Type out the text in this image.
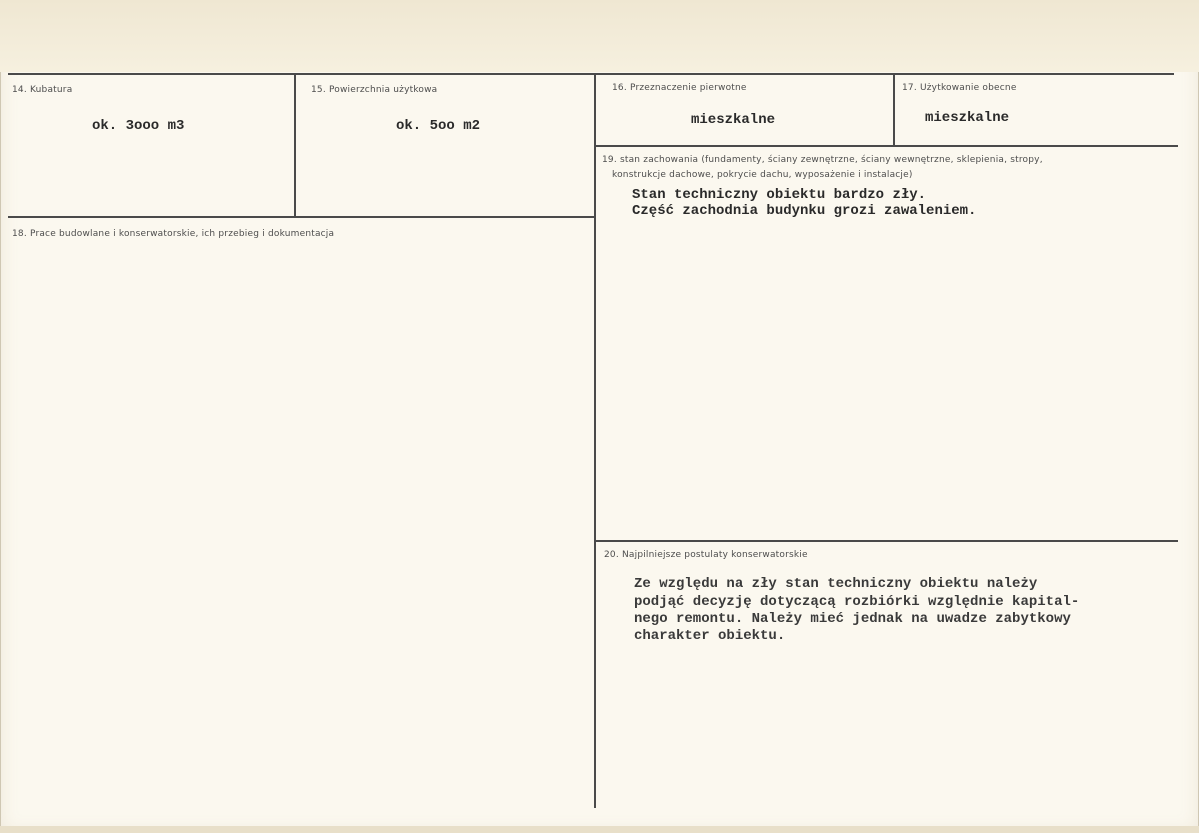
14. Kubatura
ok. 3ooo m3
15. Powierzchnia użytkowa
ok. 5oo m2
16. Przeznaczenie pierwotne
mieszkalne
17. Użytkowanie obecne
mieszkalne
18. Prace budowlane i konserwatorskie, ich przebieg i dokumentacja
19. stan zachowania (fundamenty, ściany zewnętrzne, ściany wewnętrzne, sklepienia, stropy,
konstrukcje dachowe, pokrycie dachu, wyposażenie i instalacje)
Stan techniczny obiektu bardzo zły.
Część zachodnia budynku grozi zawaleniem.
20. Najpilniejsze postulaty konserwatorskie
Ze względu na zły stan techniczny obiektu należy
podjąć decyzję dotyczącą rozbiórki względnie kapital-
nego remontu. Należy mieć jednak na uwadze zabytkowy
charakter obiektu.
